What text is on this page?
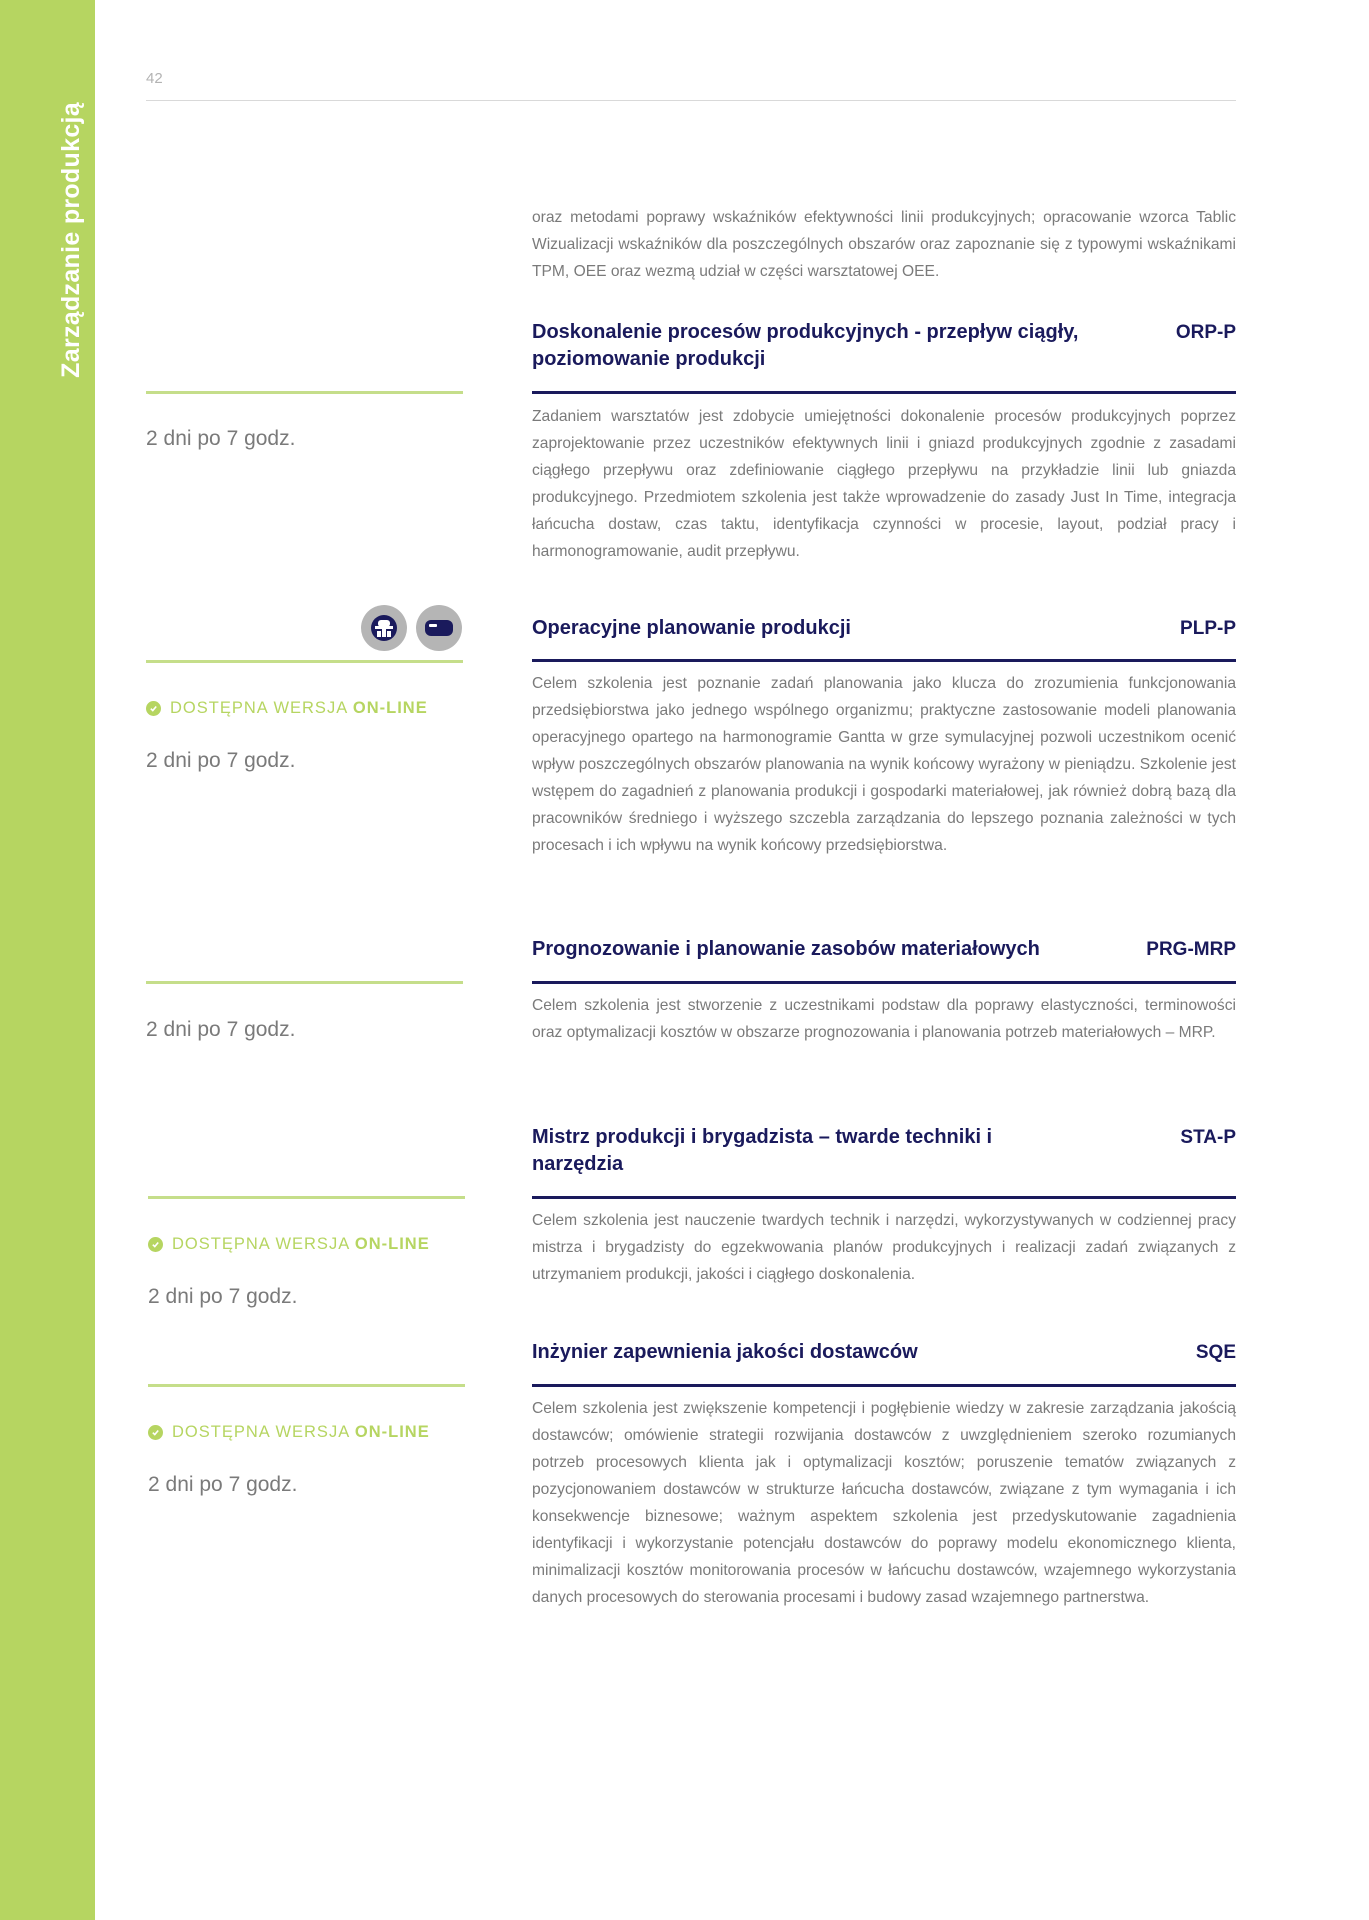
Zarządzanie produkcją
42
oraz metodami poprawy wskaźników efektywności linii produkcyjnych; opracowanie wzorca Tablic Wizualizacji wskaźników dla poszczególnych obszarów oraz zapoznanie się z typowymi wskaźnikami TPM, OEE oraz wezmą udział w części warsztatowej OEE.
Doskonalenie procesów produkcyjnych - przepływ ciągły, poziomowanie produkcji
ORP-P
2 dni po 7 godz.
Zadaniem warsztatów jest zdobycie umiejętności dokonalenie procesów produkcyjnych poprzez zaprojektowanie przez uczestników efektywnych linii i gniazd produkcyjnych zgodnie z zasadami ciągłego przepływu oraz zdefiniowanie ciągłego przepływu na przykładzie linii lub gniazda produkcyjnego. Przedmiotem szkolenia jest także wprowadzenie do zasady Just In Time, integracja łańcucha dostaw, czas taktu, identyfikacja czynności w procesie, layout, podział pracy i harmonogramowanie, audit przepływu.
Operacyjne planowanie produkcji	PLP-P
DOSTĘPNA WERSJA ON-LINE
2 dni po 7 godz.
Celem szkolenia jest poznanie zadań planowania jako klucza do zrozumienia funkcjonowania przedsiębiorstwa jako jednego wspólnego organizmu; praktyczne zastosowanie modeli planowania operacyjnego opartego na harmonogramie Gantta w grze symulacyjnej pozwoli uczestnikom ocenić wpływ poszczególnych obszarów planowania na wynik końcowy wyrażony w pieniądzu. Szkolenie jest wstępem do zagadnień z planowania produkcji i gospodarki materiałowej, jak również dobrą bazą dla pracowników średniego i wyższego szczebla zarządzania do lepszego poznania zależności w tych procesach i ich wpływu na wynik końcowy przedsiębiorstwa.
Prognozowanie i planowanie zasobów materiałowych	PRG-MRP
2 dni po 7 godz.
Celem szkolenia jest stworzenie z uczestnikami podstaw dla poprawy elastyczności, terminowości oraz optymalizacji kosztów w obszarze prognozowania i planowania potrzeb materiałowych – MRP.
Mistrz produkcji i brygadzista – twarde techniki i narzędzia
STA-P
DOSTĘPNA WERSJA ON-LINE
2 dni po 7 godz.
Celem szkolenia jest nauczenie twardych technik i narzędzi, wykorzystywanych w codziennej pracy mistrza i brygadzisty do egzekwowania planów produkcyjnych i realizacji zadań związanych z utrzymaniem produkcji, jakości i ciągłego doskonalenia.
Inżynier zapewnienia jakości dostawców	SQE
DOSTĘPNA WERSJA ON-LINE
2 dni po 7 godz.
Celem szkolenia jest zwiększenie kompetencji i pogłębienie wiedzy w zakresie zarządzania jakością dostawców; omówienie strategii rozwijania dostawców z uwzględnieniem szeroko rozumianych potrzeb procesowych klienta jak i optymalizacji kosztów; poruszenie tematów związanych z pozycjonowaniem dostawców w strukturze łańcucha dostawców, związane z tym wymagania i ich konsekwencje biznesowe; ważnym aspektem szkolenia jest przedyskutowanie zagadnienia identyfikacji i wykorzystanie potencjału dostawców do poprawy modelu ekonomicznego klienta, minimalizacji kosztów monitorowania procesów w łańcuchu dostawców, wzajemnego wykorzystania danych procesowych do sterowania procesami i budowy zasad wzajemnego partnerstwa.
